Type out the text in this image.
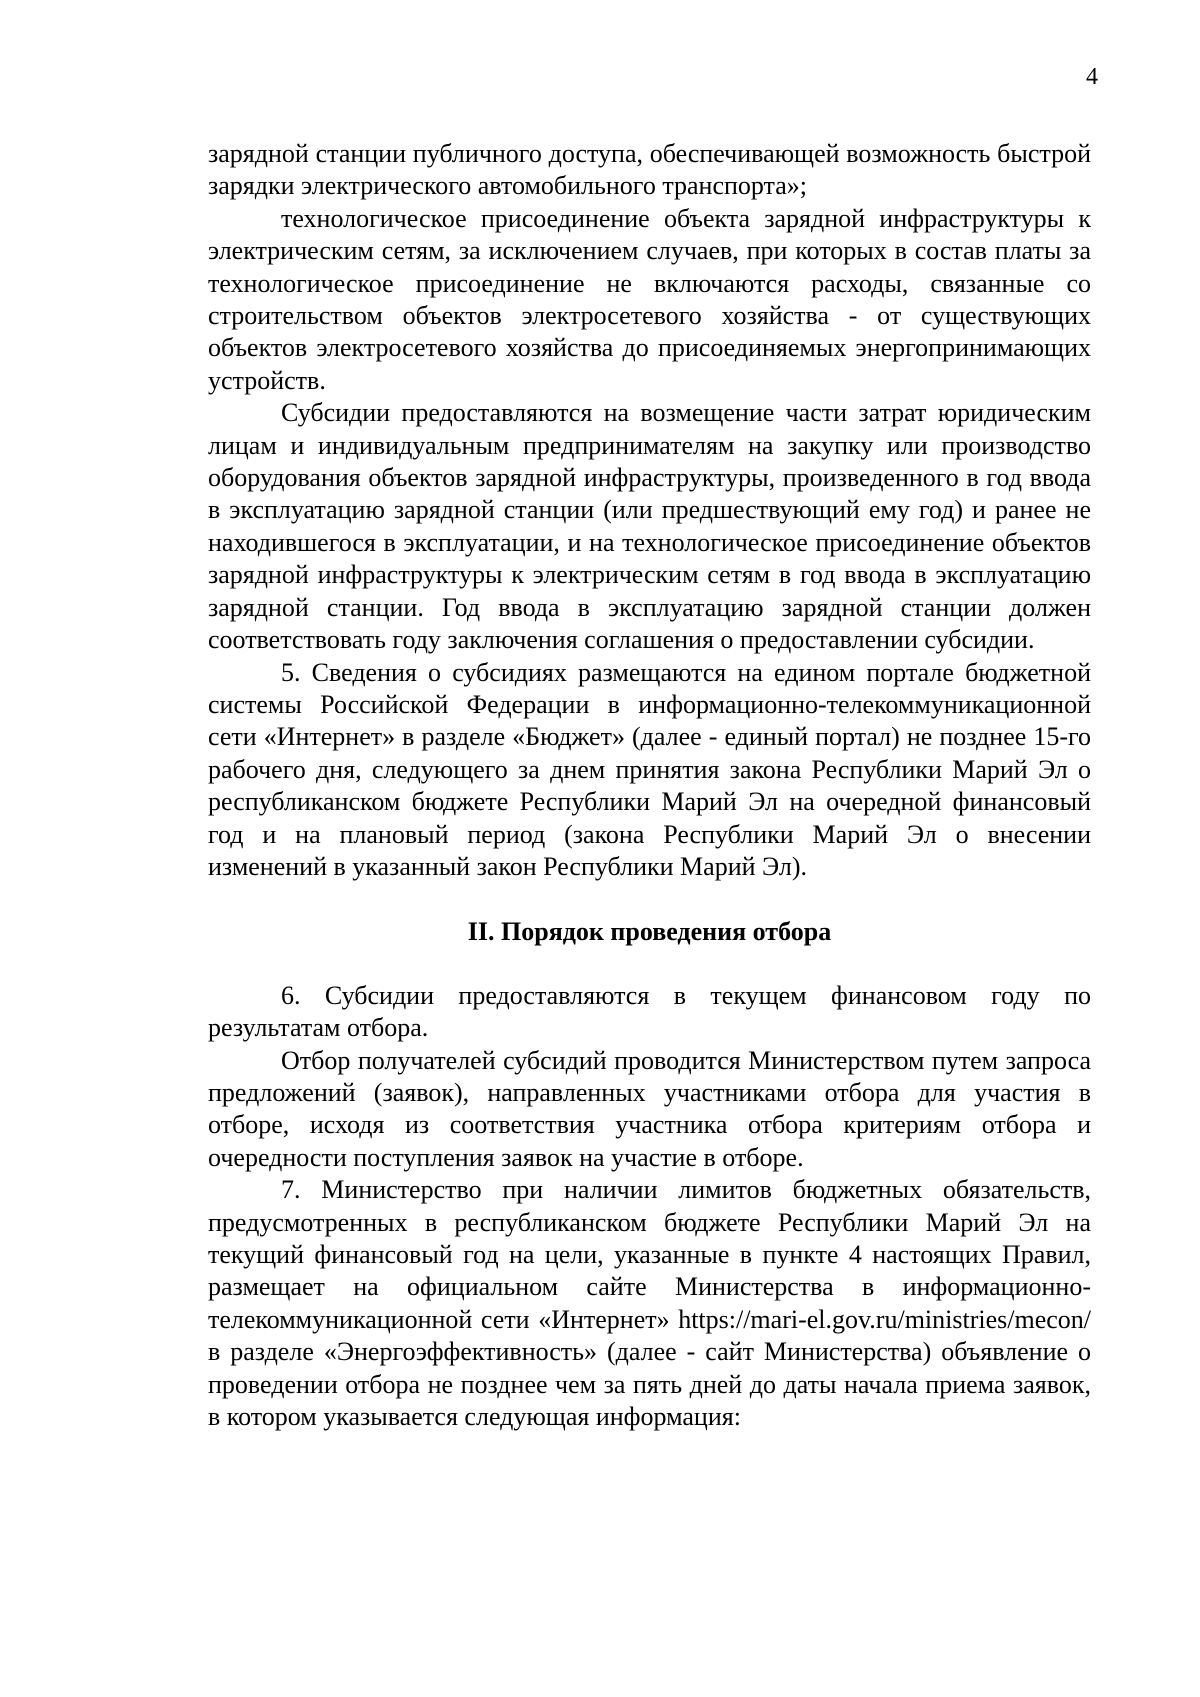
4

зарядной станции публичного доступа, обеспечивающей возможность быстрой зарядки электрического автомобильного транспорта»;

технологическое присоединение объекта зарядной инфраструктуры к электрическим сетям, за исключением случаев, при которых в состав платы за технологическое присоединение не включаются расходы, связанные со строительством объектов электросетевого хозяйства - от существующих объектов электросетевого хозяйства до присоединяемых энергопринимающих устройств.

Субсидии предоставляются на возмещение части затрат юридическим лицам и индивидуальным предпринимателям на закупку или производство оборудования объектов зарядной инфраструктуры, произведенного в год ввода в эксплуатацию зарядной станции (или предшествующий ему год) и ранее не находившегося в эксплуатации, и на технологическое присоединение объектов зарядной инфраструктуры к электрическим сетям в год ввода в эксплуатацию зарядной станции. Год ввода в эксплуатацию зарядной станции должен соответствовать году заключения соглашения о предоставлении субсидии.

5. Сведения о субсидиях размещаются на едином портале бюджетной системы Российской Федерации в информационно-телекоммуникационной сети «Интернет» в разделе «Бюджет» (далее - единый портал) не позднее 15-го рабочего дня, следующего за днем принятия закона Республики Марий Эл о республиканском бюджете Республики Марий Эл на очередной финансовый год и на плановый период (закона Республики Марий Эл о внесении изменений в указанный закон Республики Марий Эл).

II. Порядок проведения отбора

6. Субсидии предоставляются в текущем финансовом году по результатам отбора.

Отбор получателей субсидий проводится Министерством путем запроса предложений (заявок), направленных участниками отбора для участия в отборе, исходя из соответствия участника отбора критериям отбора и очередности поступления заявок на участие в отборе.

7. Министерство при наличии лимитов бюджетных обязательств, предусмотренных в республиканском бюджете Республики Марий Эл на текущий финансовый год на цели, указанные в пункте 4 настоящих Правил, размещает на официальном сайте Министерства в информационно-телекоммуникационной сети «Интернет» https://mari-el.gov.ru/ministries/mecon/ в разделе «Энергоэффективность» (далее - сайт Министерства) объявление о проведении отбора не позднее чем за пять дней до даты начала приема заявок, в котором указывается следующая информация:
